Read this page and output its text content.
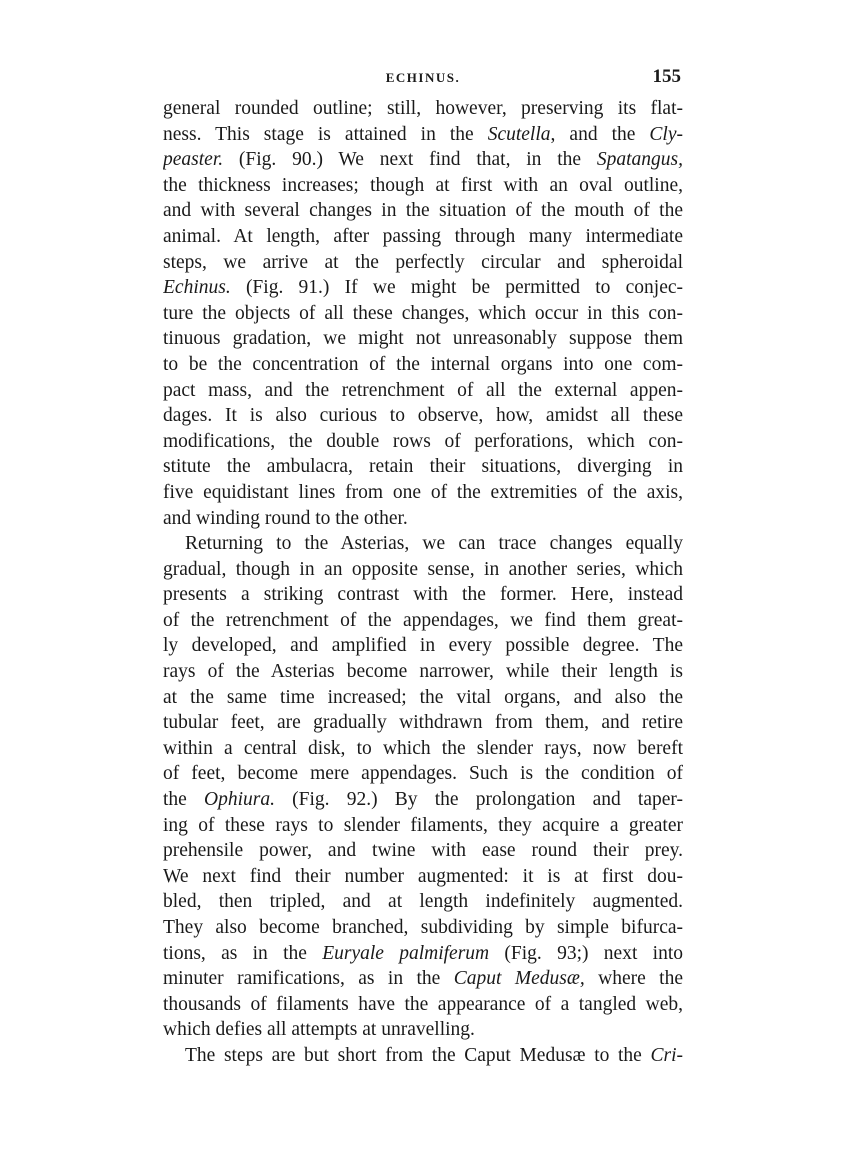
ECHINUS.	155
general rounded outline; still, however, preserving its flat-
ness. This stage is attained in the Scutella, and the Cly-
peaster. (Fig. 90.) We next find that, in the Spatangus,
the thickness increases; though at first with an oval outline,
and with several changes in the situation of the mouth of the
animal. At length, after passing through many intermediate
steps, we arrive at the perfectly circular and spheroidal
Echinus. (Fig. 91.) If we might be permitted to conjec-
ture the objects of all these changes, which occur in this con-
tinuous gradation, we might not unreasonably suppose them
to be the concentration of the internal organs into one com-
pact mass, and the retrenchment of all the external appen-
dages. It is also curious to observe, how, amidst all these
modifications, the double rows of perforations, which con-
stitute the ambulacra, retain their situations, diverging in
five equidistant lines from one of the extremities of the axis,
and winding round to the other.
Returning to the Asterias, we can trace changes equally
gradual, though in an opposite sense, in another series, which
presents a striking contrast with the former. Here, instead
of the retrenchment of the appendages, we find them great-
ly developed, and amplified in every possible degree. The
rays of the Asterias become narrower, while their length is
at the same time increased; the vital organs, and also the
tubular feet, are gradually withdrawn from them, and retire
within a central disk, to which the slender rays, now bereft
of feet, become mere appendages. Such is the condition of
the Ophiura. (Fig. 92.) By the prolongation and taper-
ing of these rays to slender filaments, they acquire a greater
prehensile power, and twine with ease round their prey.
We next find their number augmented: it is at first dou-
bled, then tripled, and at length indefinitely augmented.
They also become branched, subdividing by simple bifurca-
tions, as in the Euryale palmiferum (Fig. 93;) next into
minuter ramifications, as in the Caput Medusæ, where the
thousands of filaments have the appearance of a tangled web,
which defies all attempts at unravelling.
The steps are but short from the Caput Medusæ to the Cri-
